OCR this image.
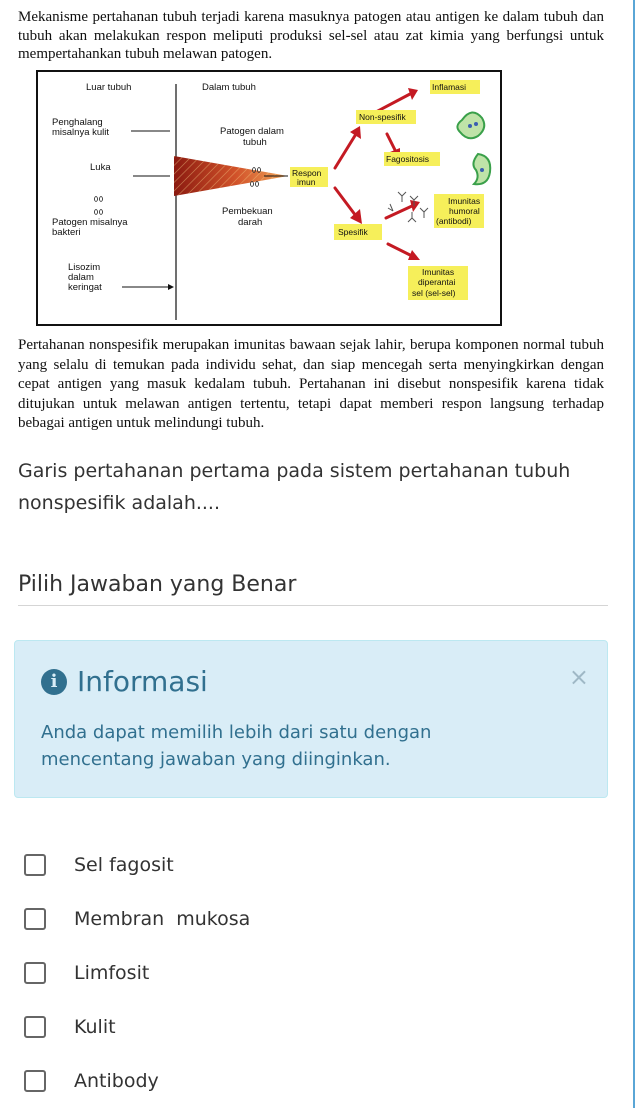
Mekanisme pertahanan tubuh terjadi karena masuknya patogen atau antigen ke dalam tubuh dan tubuh akan melakukan respon meliputi produksi sel-sel atau zat kimia yang berfungsi untuk mempertahankan tubuh melawan patogen.
Luar tubuh	Dalam tubuh
Penghalang
misalnya kulit	Patogen dalam
tubuh
Luka	Respon
imun
Patogen misalnya
bakteri
Pembekuan
darah
Lisozim
dalam
keringat
Inflamasi
Non-spesifik
Fagositosis
Imunitas
humoral
(antibodi)
Spesifik
Imunitas
diperantai
sel (sel-sel)
Pertahanan nonspesifik merupakan imunitas bawaan sejak lahir, berupa komponen normal tubuh yang selalu di temukan pada individu sehat, dan siap mencegah serta menyingkirkan dengan cepat antigen yang masuk kedalam tubuh. Pertahanan ini disebut nonspesifik karena tidak ditujukan untuk melawan antigen tertentu, tetapi dapat memberi respon langsung terhadap bebagai antigen untuk melindungi tubuh.
Garis pertahanan pertama pada sistem pertahanan tubuh nonspesifik adalah....
Pilih Jawaban yang Benar
i Informasi	×
Anda dapat memilih lebih dari satu dengan mencentang jawaban yang diinginkan.
Sel fagosit
Membran  mukosa
Limfosit
Kulit
Antibody
